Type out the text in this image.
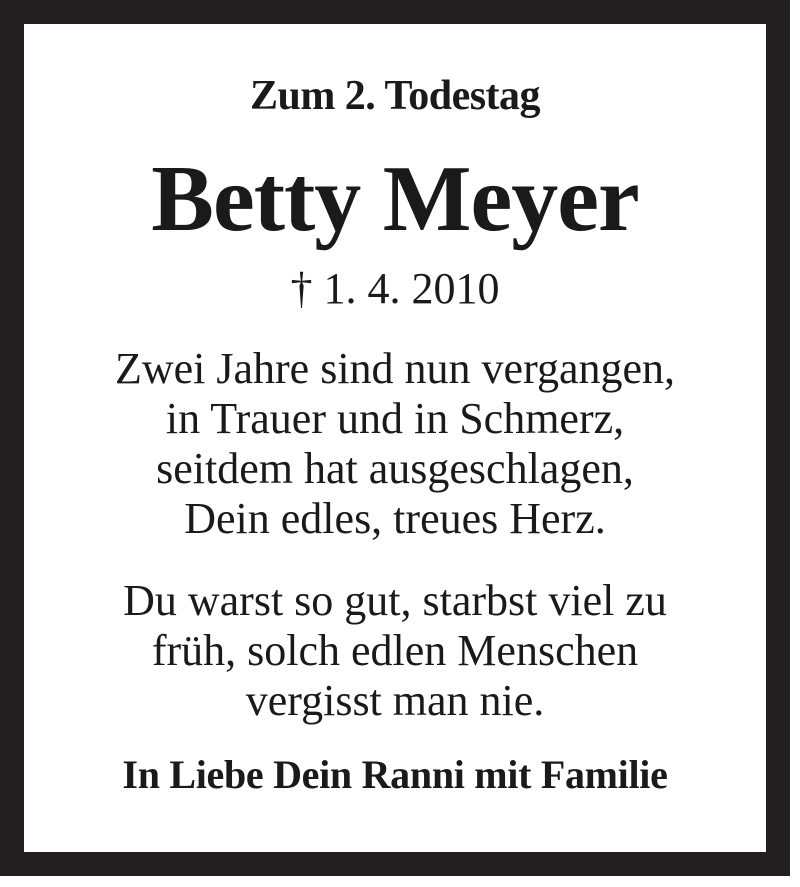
Zum 2. Todestag
Betty Meyer
† 1. 4. 2010
Zwei Jahre sind nun vergangen,
in Trauer und in Schmerz,
seitdem hat ausgeschlagen,
Dein edles, treues Herz.
Du warst so gut, starbst viel zu
früh, solch edlen Menschen
vergisst man nie.
In Liebe Dein Ranni mit Familie
